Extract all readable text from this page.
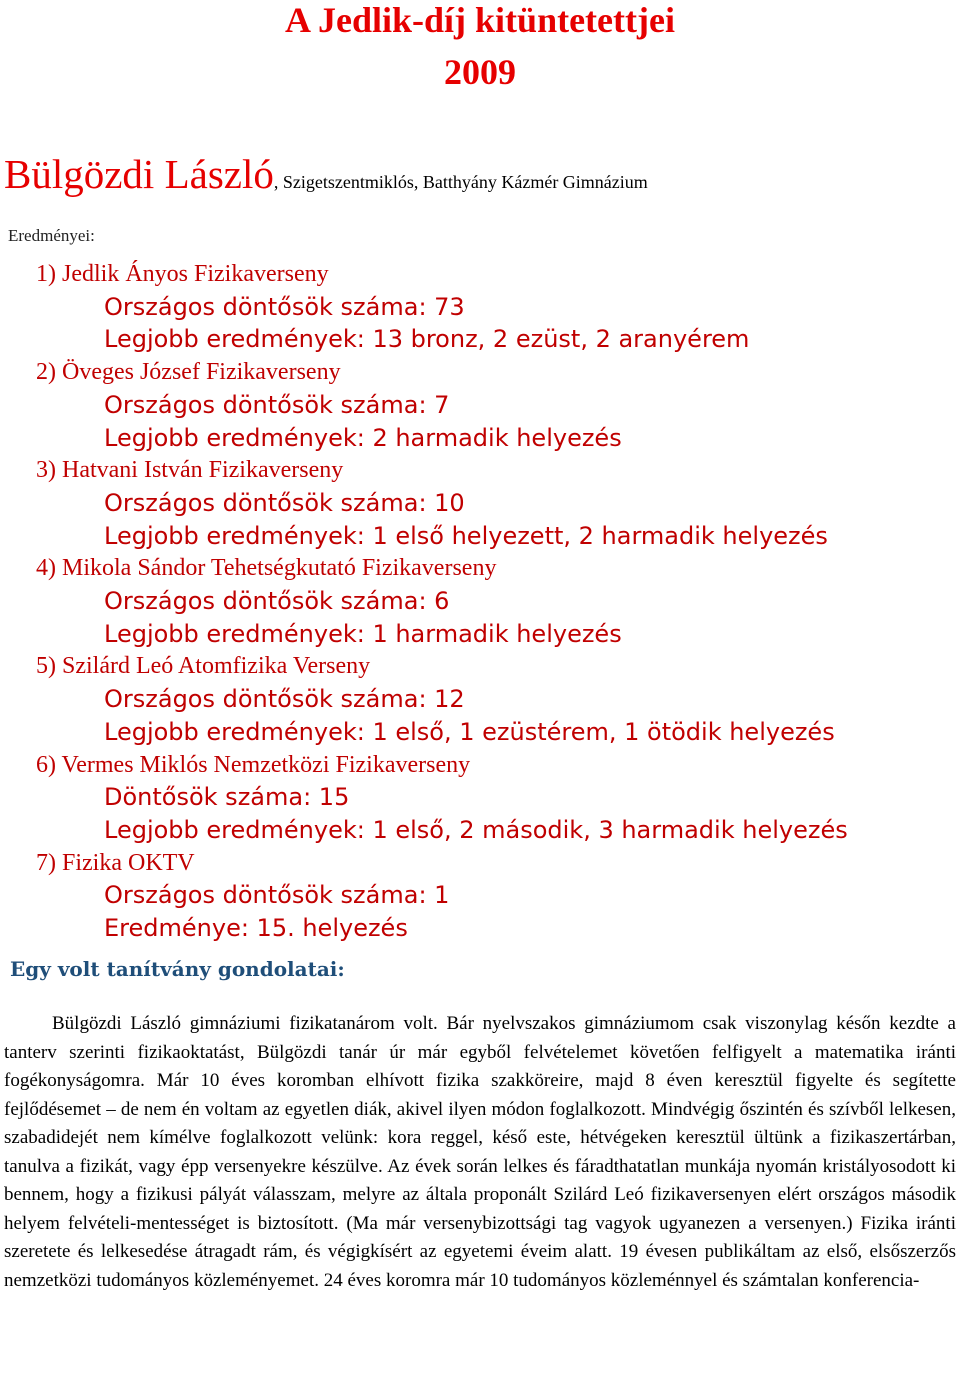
A Jedlik-díj kitüntetettjei
2009

Bülgözdi László, Szigetszentmiklós, Batthyány Kázmér Gimnázium

Eredményei:

1) Jedlik Ányos Fizikaverseny
Országos döntősök száma: 73
Legjobb eredmények: 13 bronz, 2 ezüst, 2 aranyérem
2) Öveges József Fizikaverseny
Országos döntősök száma: 7
Legjobb eredmények: 2 harmadik helyezés
3) Hatvani István Fizikaverseny
Országos döntősök száma: 10
Legjobb eredmények: 1 első helyezett, 2 harmadik helyezés
4) Mikola Sándor Tehetségkutató Fizikaverseny
Országos döntősök száma: 6
Legjobb eredmények: 1 harmadik helyezés
5) Szilárd Leó Atomfizika Verseny
Országos döntősök száma: 12
Legjobb eredmények: 1 első, 1 ezüstérem, 1 ötödik helyezés
6) Vermes Miklós Nemzetközi Fizikaverseny
Döntősök száma: 15
Legjobb eredmények: 1 első, 2 második, 3 harmadik helyezés
7) Fizika OKTV
Országos döntősök száma: 1
Eredménye: 15. helyezés
Egy volt tanítvány gondolatai:

Bülgözdi László gimnáziumi fizikatanárom volt. Bár nyelvszakos gimnáziumom csak viszonylag későn kezdte a tanterv szerinti fizikaoktatást, Bülgözdi tanár úr már egyből felvételemet követően felfigyelt a matematika iránti fogékonyságomra. Már 10 éves koromban elhívott fizika szakköreire, majd 8 éven keresztül figyelte és segítette fejlődésemet – de nem én voltam az egyetlen diák, akivel ilyen módon foglalkozott. Mindvégig őszintén és szívből lelkesen, szabadidejét nem kímélve foglalkozott velünk: kora reggel, késő este, hétvégeken keresztül ültünk a fizikaszertárban, tanulva a fizikát, vagy épp versenyekre készülve. Az évek során lelkes és fáradthatatlan munkája nyomán kristályosodott ki bennem, hogy a fizikusi pályát válasszam, melyre az általa proponált Szilárd Leó fizikaversenyen elért országos második helyem felvételi-mentességet is biztosított. (Ma már versenybizottsági tag vagyok ugyanezen a versenyen.) Fizika iránti szeretete és lelkesedése átragadt rám, és végigkísért az egyetemi éveim alatt. 19 évesen publikáltam az első, elsőszerzős nemzetközi tudományos közleményemet. 24 éves koromra már 10 tudományos közleménnyel és számtalan konferencia-
